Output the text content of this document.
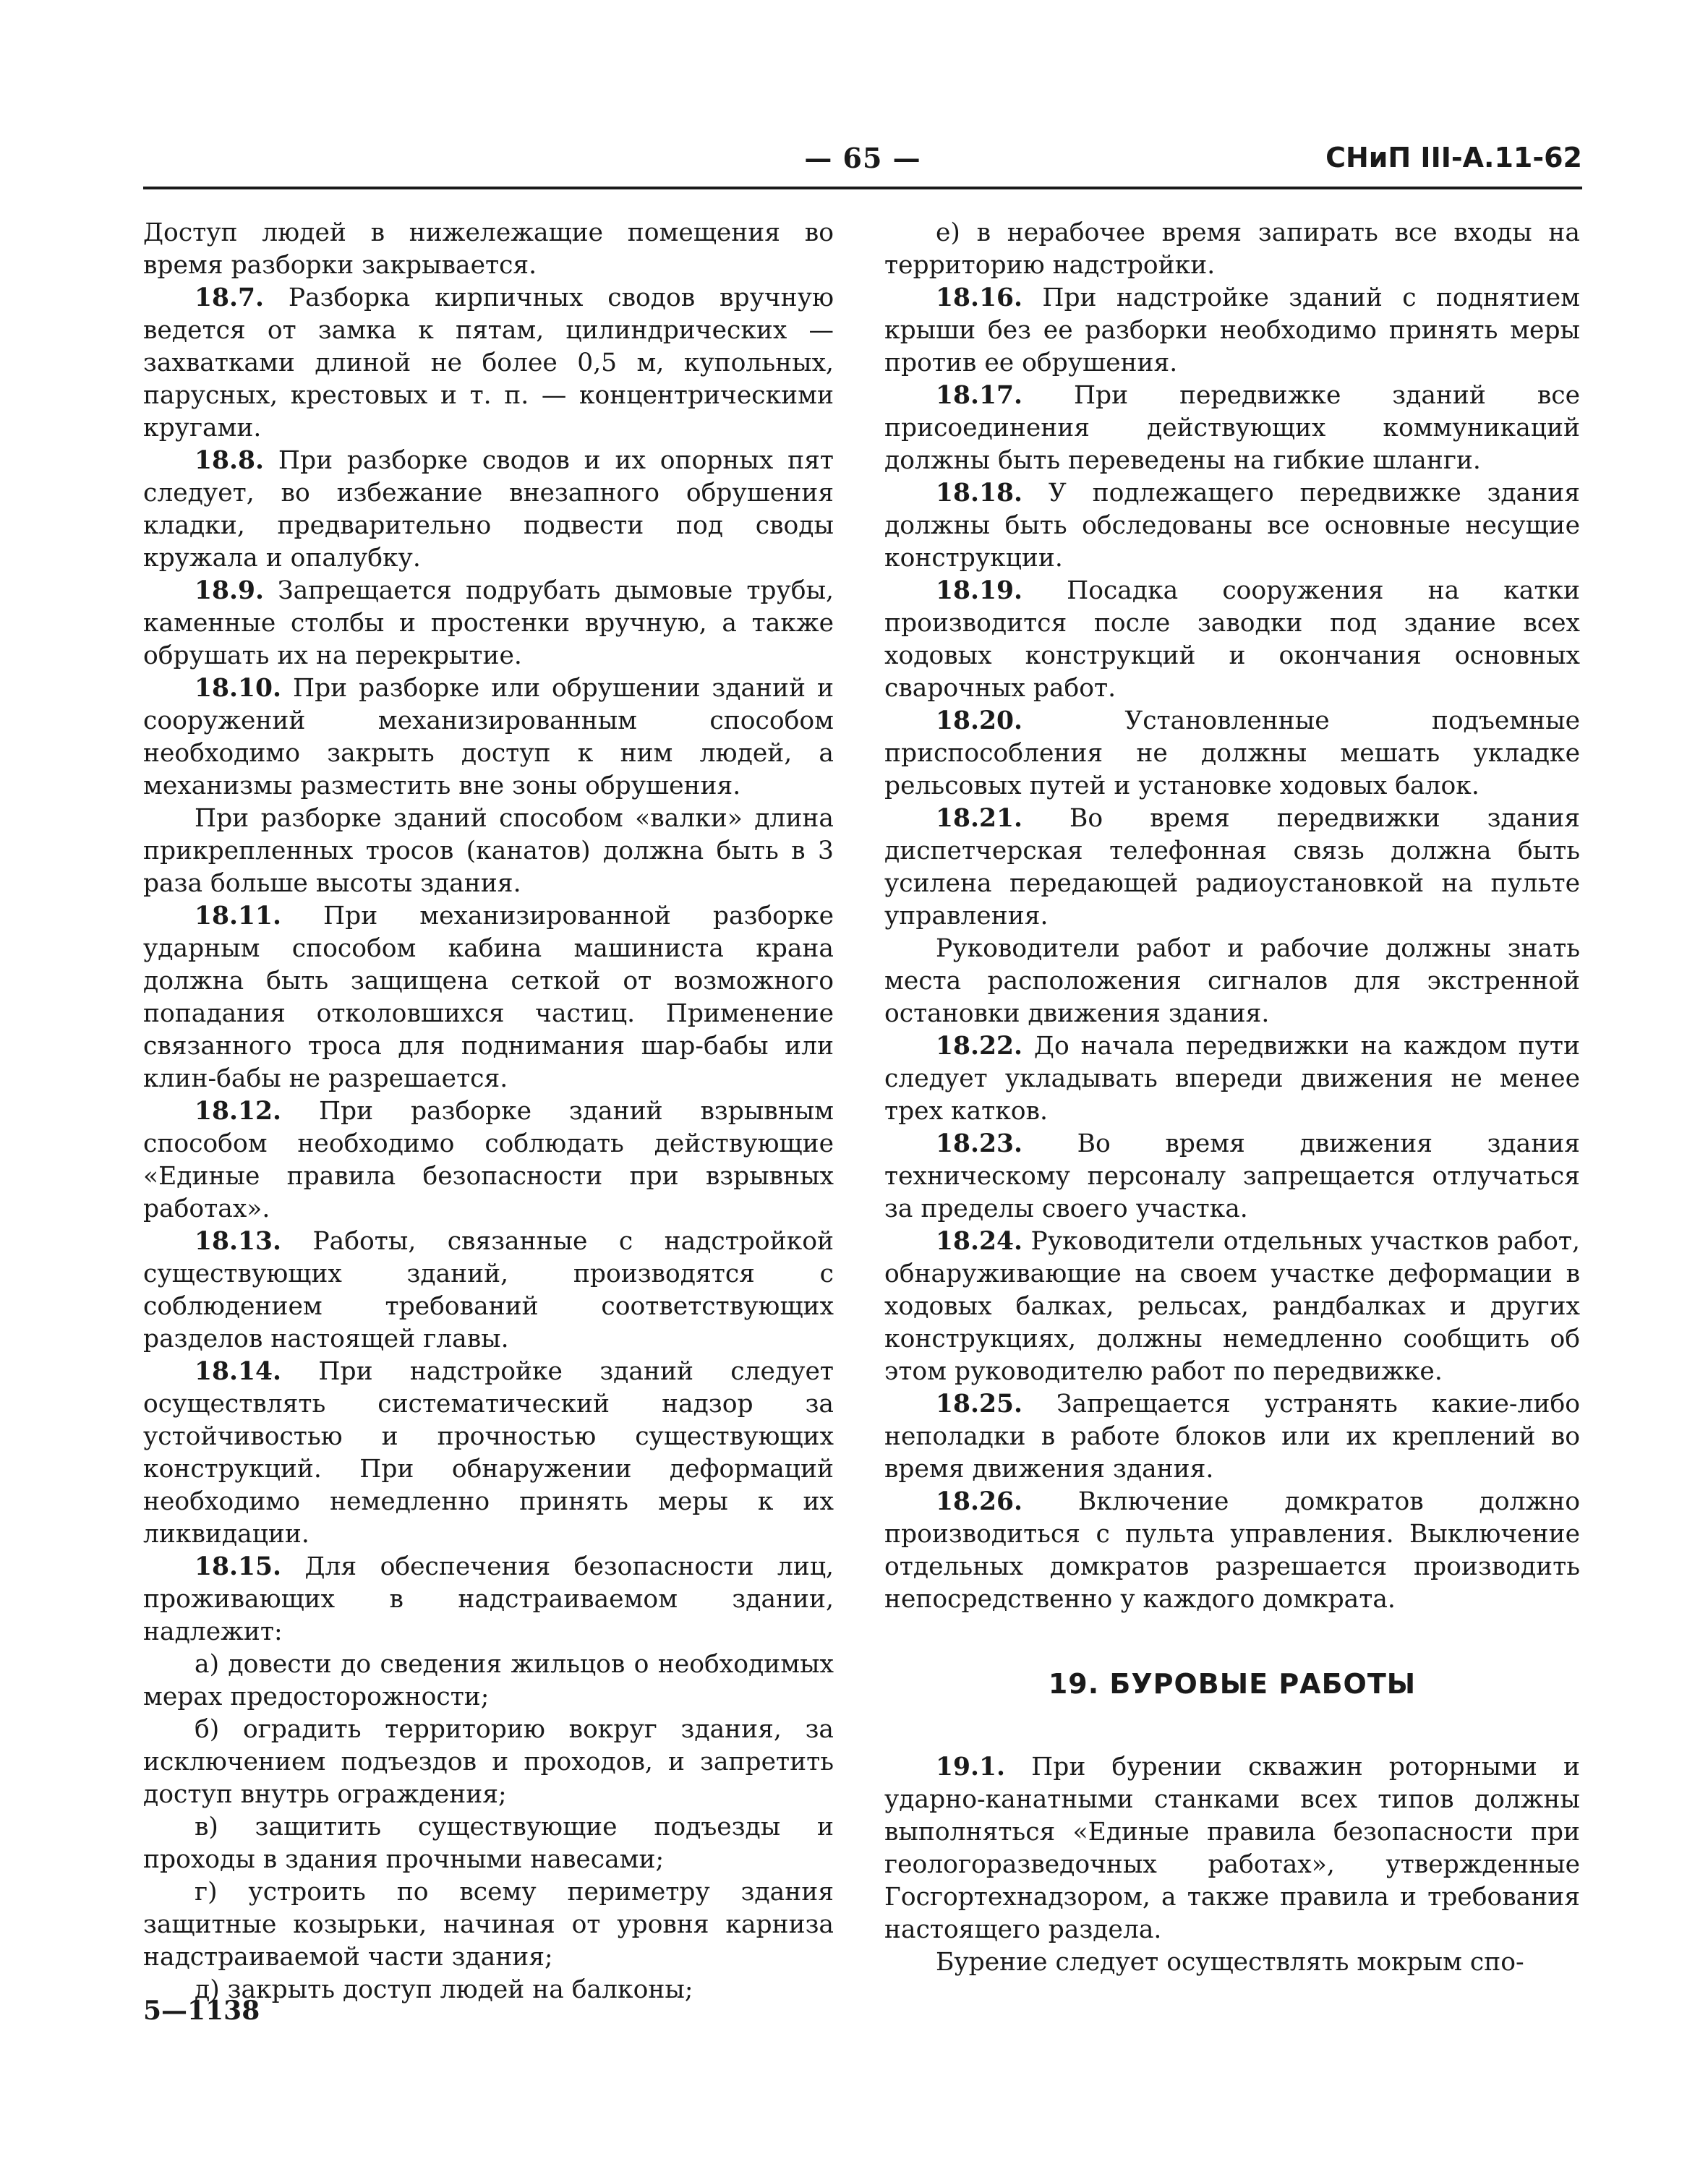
— 65 —	СНиП III-А.11-62

Доступ людей в нижележащие помещения во время разборки закрывается.

18.7. Разборка кирпичных сводов вручную ведется от замка к пятам, цилиндрических — захватками длиной не более 0,5 м, купольных, парусных, крестовых и т. п. — концентрическими кругами.

18.8. При разборке сводов и их опорных пят следует, во избежание внезапного обрушения кладки, предварительно подвести под своды кружала и опалубку.

18.9. Запрещается подрубать дымовые трубы, каменные столбы и простенки вручную, а также обрушать их на перекрытие.

18.10. При разборке или обрушении зданий и сооружений механизированным способом необходимо закрыть доступ к ним людей, а механизмы разместить вне зоны обрушения.

При разборке зданий способом «валки» длина прикрепленных тросов (канатов) должна быть в 3 раза больше высоты здания.

18.11. При механизированной разборке ударным способом кабина машиниста крана должна быть защищена сеткой от возможного попадания отколовшихся частиц. Применение связанного троса для поднимания шар-бабы или клин-бабы не разрешается.

18.12. При разборке зданий взрывным способом необходимо соблюдать действующие «Единые правила безопасности при взрывных работах».

18.13. Работы, связанные с надстройкой существующих зданий, производятся с соблюдением требований соответствующих разделов настоящей главы.

18.14. При надстройке зданий следует осуществлять систематический надзор за устойчивостью и прочностью существующих конструкций. При обнаружении деформаций необходимо немедленно принять меры к их ликвидации.

18.15. Для обеспечения безопасности лиц, проживающих в надстраиваемом здании, надлежит:

а) довести до сведения жильцов о необходимых мерах предосторожности;

б) оградить территорию вокруг здания, за исключением подъездов и проходов, и запретить доступ внутрь ограждения;

в) защитить существующие подъезды и проходы в здания прочными навесами;

г) устроить по всему периметру здания защитные козырьки, начиная от уровня карниза надстраиваемой части здания;

д) закрыть доступ людей на балконы;

е) в нерабочее время запирать все входы на территорию надстройки.

18.16. При надстройке зданий с поднятием крыши без ее разборки необходимо принять меры против ее обрушения.

18.17. При передвижке зданий все присоединения действующих коммуникаций должны быть переведены на гибкие шланги.

18.18. У подлежащего передвижке здания должны быть обследованы все основные несущие конструкции.

18.19. Посадка сооружения на катки производится после заводки под здание всех ходовых конструкций и окончания основных сварочных работ.

18.20. Установленные подъемные приспособления не должны мешать укладке рельсовых путей и установке ходовых балок.

18.21. Во время передвижки здания диспетчерская телефонная связь должна быть усилена передающей радиоустановкой на пульте управления.

Руководители работ и рабочие должны знать места расположения сигналов для экстренной остановки движения здания.

18.22. До начала передвижки на каждом пути следует укладывать впереди движения не менее трех катков.

18.23. Во время движения здания техническому персоналу запрещается отлучаться за пределы своего участка.

18.24. Руководители отдельных участков работ, обнаруживающие на своем участке деформации в ходовых балках, рельсах, рандбалках и других конструкциях, должны немедленно сообщить об этом руководителю работ по передвижке.

18.25. Запрещается устранять какие-либо неполадки в работе блоков или их креплений во время движения здания.

18.26. Включение домкратов должно производиться с пульта управления. Выключение отдельных домкратов разрешается производить непосредственно у каждого домкрата.

19. БУРОВЫЕ РАБОТЫ

19.1. При бурении скважин роторными и ударно-канатными станками всех типов должны выполняться «Единые правила безопасности при геологоразведочных работах», утвержденные Госгортехнадзором, а также правила и требования настоящего раздела.

Бурение следует осуществлять мокрым спо-

5—1138
